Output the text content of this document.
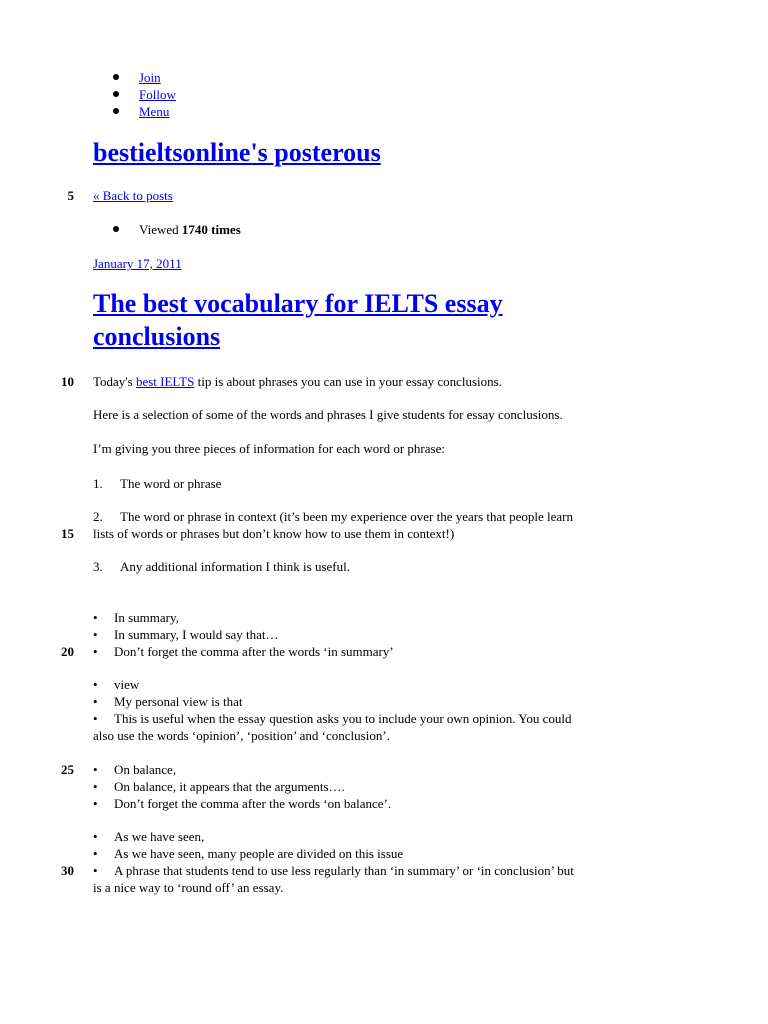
Join
Follow
Menu
bestieltsonline's posterous
5 « Back to posts
Viewed 1740 times
January 17, 2011
The best vocabulary for IELTS essay
conclusions
10 Today's best IELTS tip is about phrases you can use in your essay conclusions.
Here is a selection of some of the words and phrases I give students for essay conclusions.
I’m giving you three pieces of information for each word or phrase:
1. The word or phrase
2. The word or phrase in context (it’s been my experience over the years that people learn
15 lists of words or phrases but don’t know how to use them in context!)
3. Any additional information I think is useful.
• In summary,
• In summary, I would say that…
20 • Don’t forget the comma after the words ‘in summary’
• view
• My personal view is that
• This is useful when the essay question asks you to include your own opinion. You could
also use the words ‘opinion’, ‘position’ and ‘conclusion’.
25 • On balance,
• On balance, it appears that the arguments….
• Don’t forget the comma after the words ‘on balance’.
• As we have seen,
• As we have seen, many people are divided on this issue
30 • A phrase that students tend to use less regularly than ‘in summary’ or ‘in conclusion’ but
is a nice way to ‘round off’ an essay.
